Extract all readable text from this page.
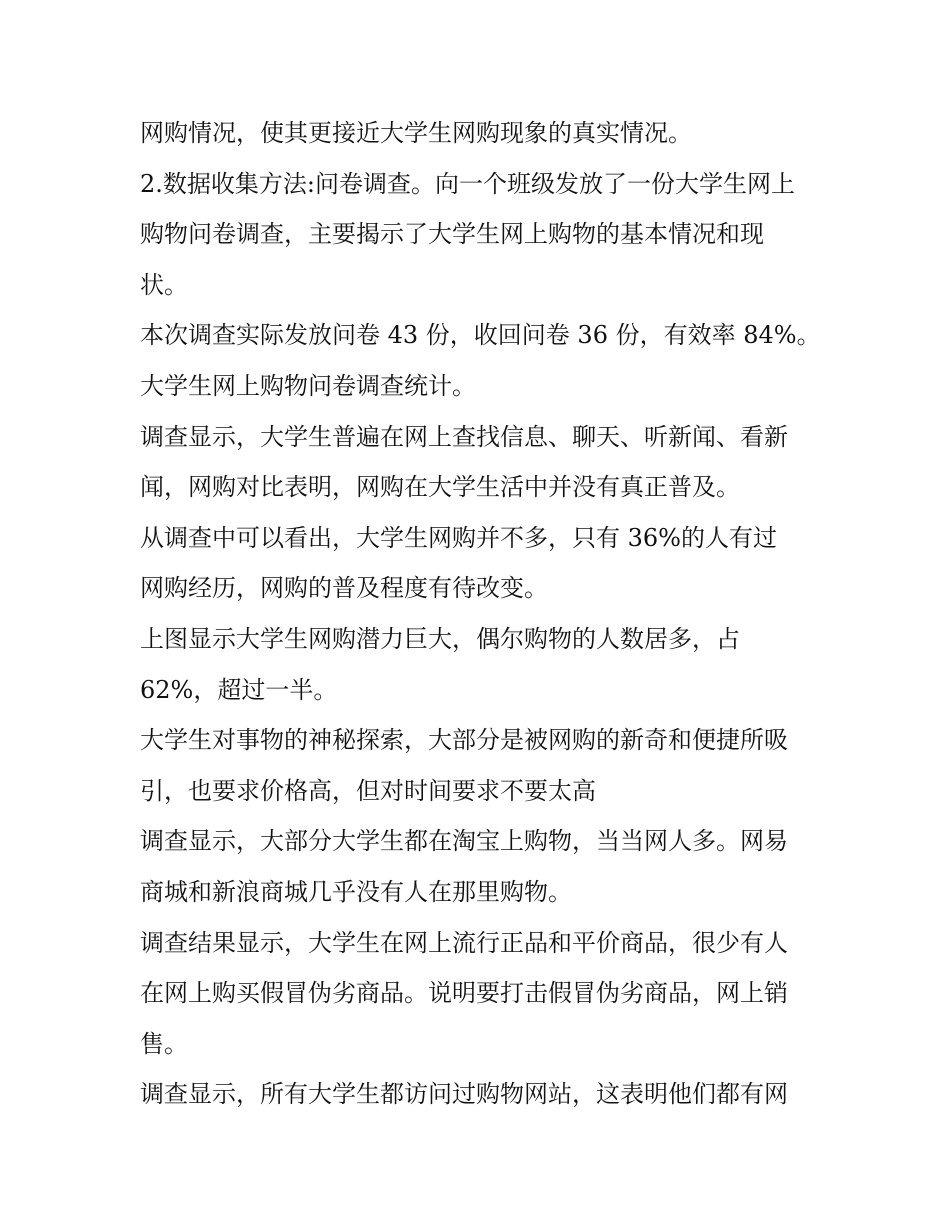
网购情况，使其更接近大学生网购现象的真实情况。

2.数据收集方法:问卷调查。向一个班级发放了一份大学生网上
购物问卷调查，主要揭示了大学生网上购物的基本情况和现
状。

本次调查实际发放问卷 43 份，收回问卷 36 份，有效率 84%。

大学生网上购物问卷调查统计。

调查显示，大学生普遍在网上查找信息、聊天、听新闻、看新
闻，网购对比表明，网购在大学生活中并没有真正普及。

从调查中可以看出，大学生网购并不多，只有 36%的人有过
网购经历，网购的普及程度有待改变。

上图显示大学生网购潜力巨大，偶尔购物的人数居多，占
62%，超过一半。

大学生对事物的神秘探索，大部分是被网购的新奇和便捷所吸
引，也要求价格高，但对时间要求不要太高

调查显示，大部分大学生都在淘宝上购物，当当网人多。网易
商城和新浪商城几乎没有人在那里购物。

调查结果显示，大学生在网上流行正品和平价商品，很少有人
在网上购买假冒伪劣商品。说明要打击假冒伪劣商品，网上销
售。

调查显示，所有大学生都访问过购物网站，这表明他们都有网
